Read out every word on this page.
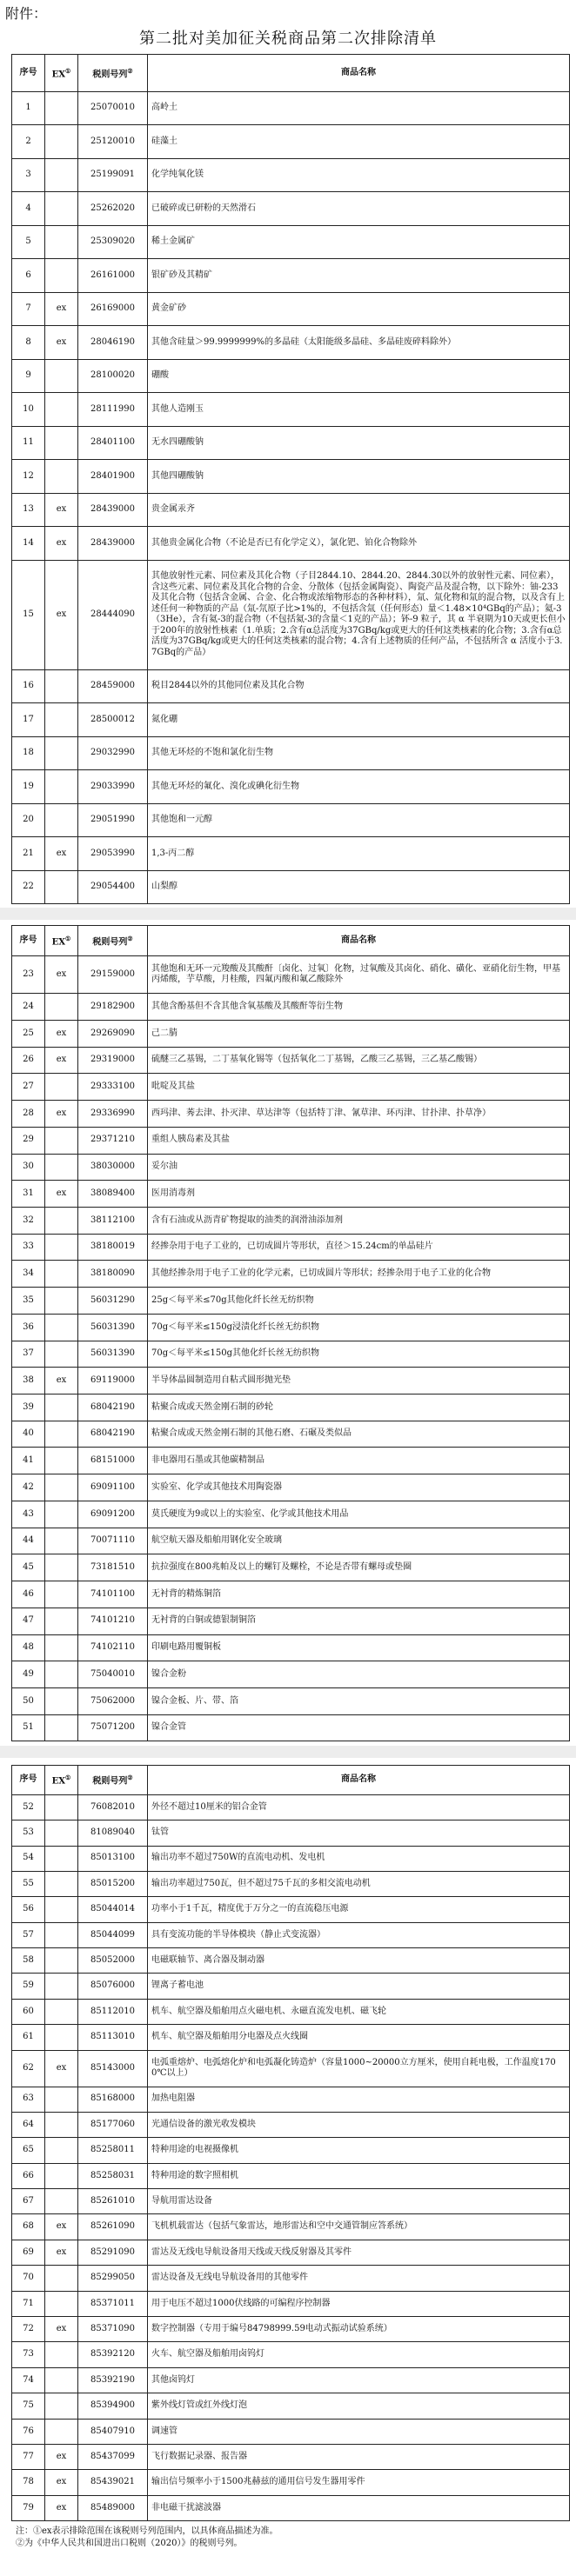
附件：
第二批对美加征关税商品第二次排除清单
序号	EX①	税则号列②	商品名称
1		25070010	高岭土
2		25120010	硅藻土
3		25199091	化学纯氧化镁
4		25262020	已破碎或已研粉的天然滑石
5		25309020	稀土金属矿
6		26161000	银矿砂及其精矿
7	ex	26169000	黄金矿砂
8	ex	28046190	其他含硅量＞99.9999999%的多晶硅（太阳能级多晶硅、多晶硅废碎料除外）
9		28100020	硼酸
10		28111990	其他人造刚玉
11		28401100	无水四硼酸钠
12		28401900	其他四硼酸钠
13	ex	28439000	贵金属汞齐
14	ex	28439000	其他贵金属化合物（不论是否已有化学定义），氯化钯、铂化合物除外
15	ex	28444090	其他放射性元素、同位素及其化合物（子目2844.10、2844.20、2844.30以外的放射性元素、同位素），含这些元素、同位素及其化合物的合金、分散体（包括金属陶瓷）、陶瓷产品及混合物，以下除外：铀-233及其化合物（包括含金属、合金、化合物或浓缩物形态的各种材料），氚、氚化物和氚的混合物，以及含有上述任何一种物质的产品（氚-氘原子比>1%的，不包括含氚（任何形态）量＜1.48×10⁴GBq的产品）；氦-3（3He），含有氦-3的混合物（不包括氦-3的含量＜1克的产品）；钚-9 粒子，其 α 半衰期为10天或更长但小于200年的放射性核素（1.单质；2.含有α总活度为37GBq/kg或更大的任何这类核素的化合物；3.含有α总活度为37GBq/kg或更大的任何这类核素的混合物；4.含有上述物质的任何产品，不包括所含 α 活度小于3.7GBq的产品）
16		28459000	税目2844以外的其他同位素及其化合物
17		28500012	氮化硼
18		29032990	其他无环烃的不饱和氯化衍生物
19		29033990	其他无环烃的氟化、溴化或碘化衍生物
20		29051990	其他饱和一元醇
21	ex	29053990	1,3-丙二醇
22		29054400	山梨醇
序号	EX①	税则号列②	商品名称
23	ex	29159000	其他饱和无环一元羧酸及其酸酐〔卤化、过氧〕化物，过氧酸及其卤化、硝化、磺化、亚硝化衍生物，甲基丙烯酸，芋草酸，月桂酸，四氟丙酸和氟乙酸除外
24		29182900	其他含酚基但不含其他含氧基酸及其酸酐等衍生物
25	ex	29269090	己二腈
26	ex	29319000	硫醚三乙基锡，二丁基氧化锡等（包括氧化二丁基锡，乙酸三乙基锡，三乙基乙酸锡）
27		29333100	吡啶及其盐
28	ex	29336990	西玛津、莠去津、扑灭津、草达津等（包括特丁津、氰草津、环丙津、甘扑津、扑草净）
29		29371210	重组人胰岛素及其盐
30		38030000	妥尔油
31	ex	38089400	医用消毒剂
32		38112100	含有石油或从沥青矿物提取的油类的润滑油添加剂
33		38180019	经掺杂用于电子工业的，已切成圆片等形状，直径＞15.24cm的单晶硅片
34		38180090	其他经掺杂用于电子工业的化学元素，已切成圆片等形状；经掺杂用于电子工业的化合物
35		56031290	25g＜每平米≤70g其他化纤长丝无纺织物
36		56031390	70g＜每平米≤150g浸渍化纤长丝无纺织物
37		56031390	70g＜每平米≤150g其他化纤长丝无纺织物
38	ex	69119000	半导体晶圆制造用自粘式圆形抛光垫
39		68042190	粘聚合成或天然金刚石制的砂轮
40		68042190	粘聚合成或天然金刚石制的其他石磨、石碾及类似品
41		68151000	非电器用石墨或其他碳精制品
42		69091100	实验室、化学或其他技术用陶瓷器
43		69091200	莫氏硬度为9或以上的实验室、化学或其他技术用品
44		70071110	航空航天器及船舶用钢化安全玻璃
45		73181510	抗拉强度在800兆帕及以上的螺钉及螺栓，不论是否带有螺母或垫圈
46		74101100	无衬背的精炼铜箔
47		74101210	无衬背的白铜或德银制铜箔
48		74102110	印刷电路用覆铜板
49		75040010	镍合金粉
50		75062000	镍合金板、片、带、箔
51		75071200	镍合金管
序号	EX①	税则号列②	商品名称
52		76082010	外径不超过10厘米的铝合金管
53		81089040	钛管
54		85013100	输出功率不超过750W的直流电动机、发电机
55		85015200	输出功率超过750瓦，但不超过75千瓦的多相交流电动机
56		85044014	功率小于1千瓦，精度优于万分之一的直流稳压电源
57		85044099	具有变流功能的半导体模块（静止式变流器）
58		85052000	电磁联轴节、离合器及制动器
59		85076000	锂离子蓄电池
60		85112010	机车、航空器及船舶用点火磁电机、永磁直流发电机、磁飞轮
61		85113010	机车、航空器及船舶用分电器及点火线圈
62	ex	85143000	电弧重熔炉、电弧熔化炉和电弧凝化铸造炉（容量1000~20000立方厘米，使用自耗电极，工作温度1700℃以上）
63		85168000	加热电阻器
64		85177060	光通信设备的激光收发模块
65		85258011	特种用途的电视摄像机
66		85258031	特种用途的数字照相机
67		85261010	导航用雷达设备
68	ex	85261090	飞机机载雷达（包括气象雷达，地形雷达和空中交通管制应答系统）
69	ex	85291090	雷达及无线电导航设备用天线或天线反射器及其零件
70		85299050	雷达设备及无线电导航设备用的其他零件
71		85371011	用于电压不超过1000伏线路的可编程序控制器
72	ex	85371090	数字控制器（专用于编号84798999.59电动式振动试验系统）
73		85392120	火车、航空器及船舶用卤钨灯
74		85392190	其他卤钨灯
75		85394900	紫外线灯管或红外线灯泡
76		85407910	调速管
77	ex	85437099	飞行数据记录器、报告器
78	ex	85439021	输出信号频率小于1500兆赫兹的通用信号发生器用零件
79	ex	85489000	非电磁干扰滤波器
注：①ex表示排除范围在该税则号列范围内，以具体商品描述为准。
②为《中华人民共和国进出口税则（2020）》的税则号列。
